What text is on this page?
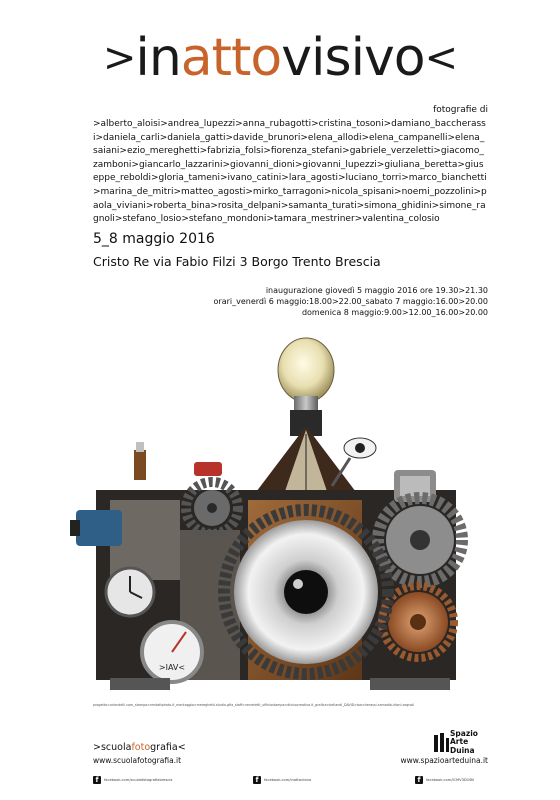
>inattovisivo<
fotografie di
>alberto_aloisi>andrea_lupezzi>anna_rubagotti>cristina_tosoni>damiano_baccherassi>daniela_carli>daniela_gatti>davide_brunori>elena_allodi>elena_campanelli>elena_saiani>ezio_mereghetti>fabrizia_folsi>fiorenza_stefani>gabriele_verzeletti>giacomo_zamboni>giancarlo_lazzarini>giovanni_dioni>giovanni_lupezzi>giuliana_beretta>giuseppe_reboldi>gloria_tameni>ivano_catini>lara_agosti>luciano_torri>marco_bianchetti>marina_de_mitri>matteo_agosti>mirko_tarragoni>nicola_spisani>noemi_pozzolini>paola_viviani>roberta_bina>rosita_delpani>samanta_turati>simona_ghidini>simone_ragnoli>stefano_losio>stefano_mondoni>tamara_mestriner>valentina_colosio
5_8 maggio 2016
Cristo Re via Fabio Filzi 3 Borgo Trento Brescia
inaugurazione giovedì 5 maggio 2016 ore 19.30>21.30
orari_venerdì 6 maggio:18.00>22.00_sabato 7 maggio:16.00>20.00
domenica 8 maggio:9.00>12.00_16.00>20.00
>IAV<
progetto>orlandelli.com_stampa>nestattphoto.it_montaggio>mereghetti.studio.gfia_staff>verzeletti_ufficiostampa>divisocreativa.it_grafica>bellandi_DAVID>baccherassi.camadisi.dioni.segnoli
>scuolafotografia<
www.scuolafotografia.it
Spazio
Arte
Duina
www.spazioarteduina.it
f	facebook.com/scuolafotografiabrescia	f	facebook.com/inattovisivo	f	facebook.com/ICMV3DOBV
